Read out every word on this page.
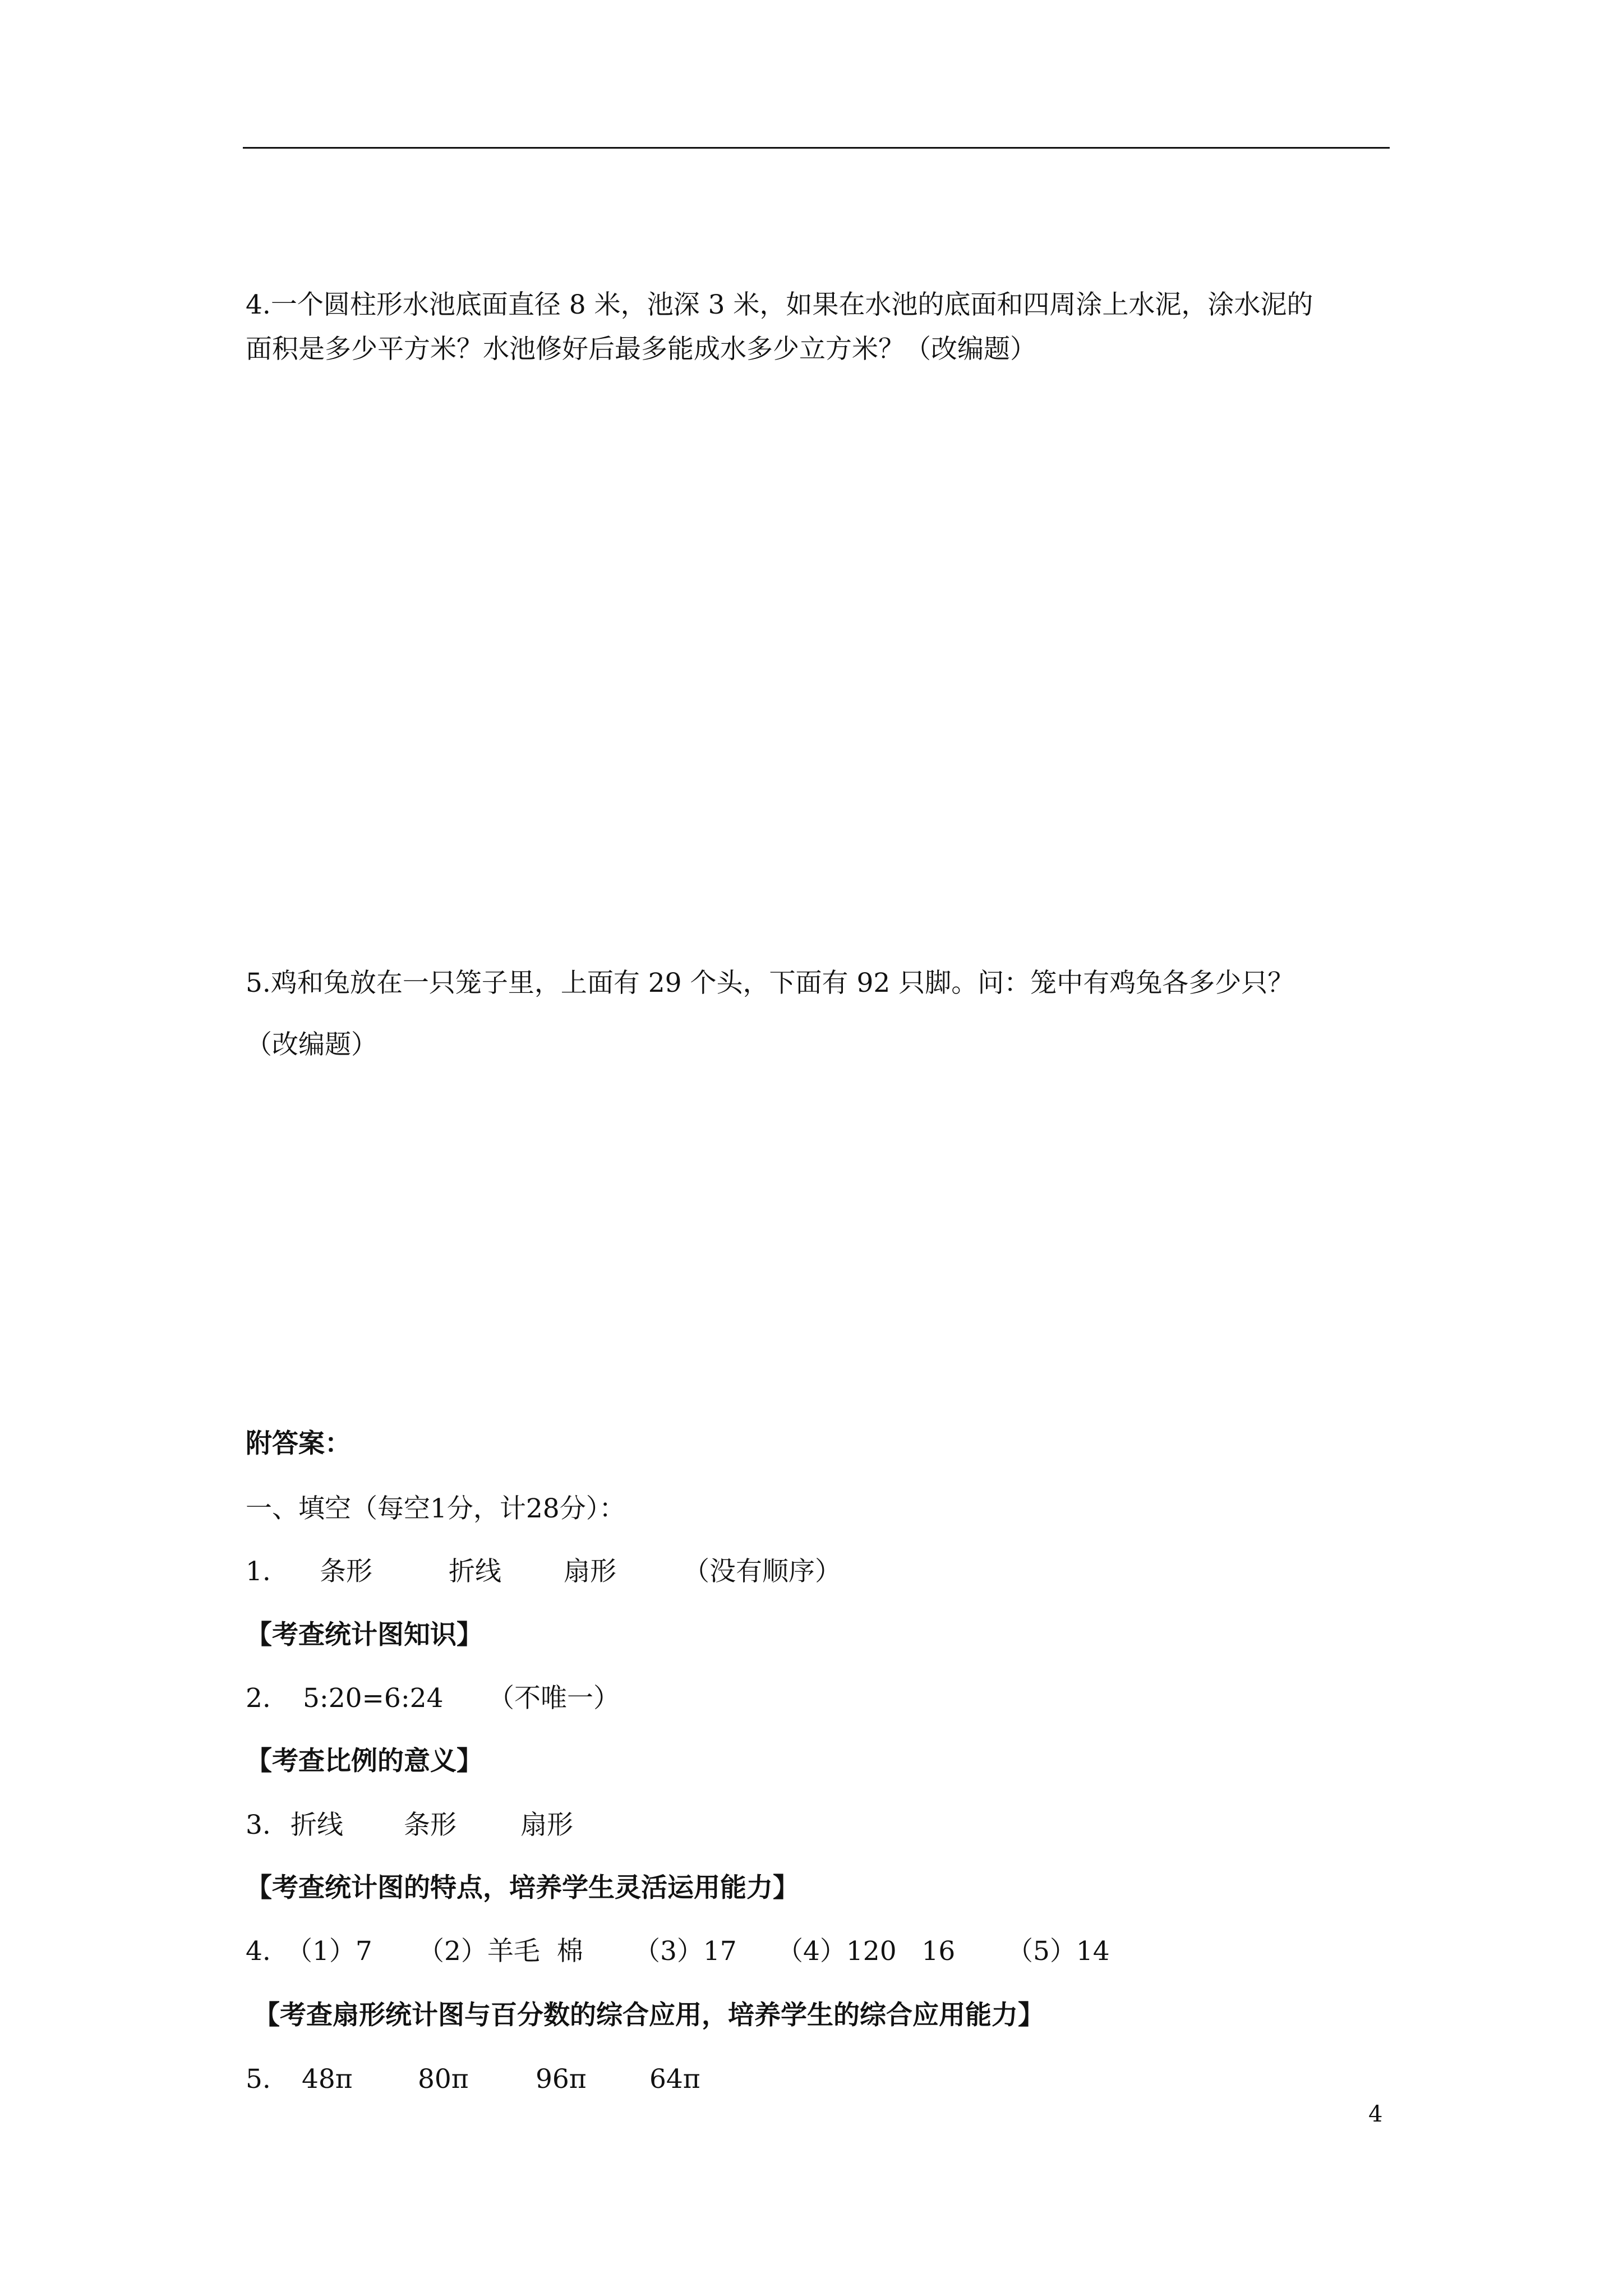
4.一个圆柱形水池底面直径 8 米，池深 3 米，如果在水池的底面和四周涂上水泥，涂水泥的
面积是多少平方米？水池修好后最多能成水多少立方米？（改编题）
5.鸡和兔放在一只笼子里，上面有 29 个头，下面有 92 只脚。问：笼中有鸡兔各多少只？
（改编题）
附答案：
一、填空（每空1分，计28分）：
1. 条形	折线 扇形	（没有顺序）
【考查统计图知识】
2. 5:20=6:24 （不唯一）
【考查比例的意义】
3. 折线 条形 扇形
【考查统计图的特点，培养学生灵活运用能力】
4. （1）7 （2）羊毛  棉 （3）17 （4）120   16 （5）14
【考查扇形统计图与百分数的综合应用，培养学生的综合应用能力】
5. 48π 80π	96π 64π
4
